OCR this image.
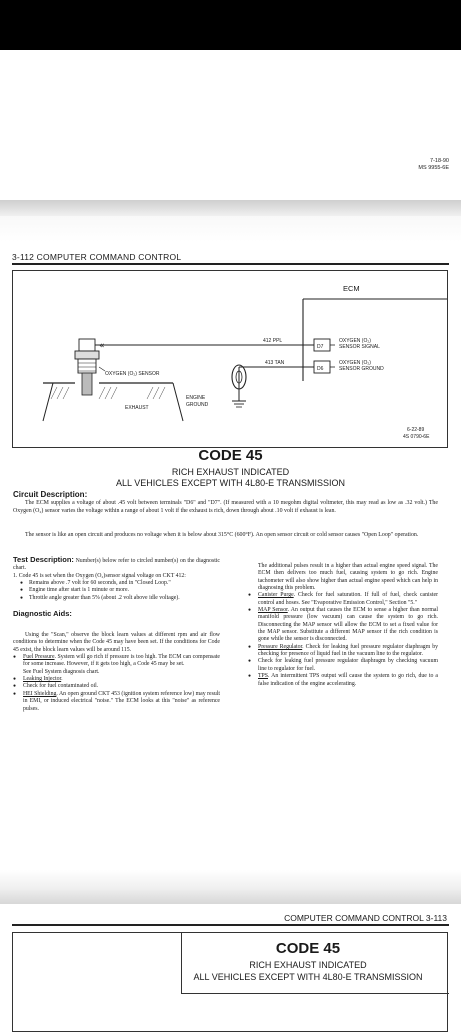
7-18-90
MS 9955-6E
3-112 COMPUTER COMMAND CONTROL
ECM
D7
D6
OXYGEN (O₂)
SENSOR SIGNAL
OXYGEN (O₂)
SENSOR GROUND
412 PPL
«
413 TAN
ENGINE
GROUND
OXYGEN (O₂) SENSOR
EXHAUST
6-22-89
4S 0790-6E
CODE 45
RICH EXHAUST INDICATED
ALL VEHICLES EXCEPT WITH 4L80-E TRANSMISSION
Circuit Description:

The ECM supplies a voltage of about .45 volt between terminals "D6" and "D7". (If measured with a 10 megohm digital voltmeter, this may read as low as .32 volt.) The Oxygen (O₂) sensor varies the voltage within a range of about 1 volt if the exhaust is rich, down through about .10 volt if exhaust is lean.

The sensor is like an open circuit and produces no voltage when it is below about 315°C (600°F). An open sensor circuit or cold sensor causes "Open Loop" operation.

Test Description: Number(s) below refer to circled number(s) on the diagnostic chart.

1. Code 45 is set when the Oxygen (O₂)sensor signal voltage on CKT 412:

● Remains above .7 volt for 60 seconds, and in "Closed Loop."
● Engine time after start is 1 minute or more.
● Throttle angle greater than 5% (about .2 volt above idle voltage).

Diagnostic Aids:

Using the "Scan," observe the block learn values at different rpm and air flow conditions to determine when the Code 45 may have been set. If the conditions for Code 45 exist, the block learn values will be around 115.

● Fuel Pressure. System will go rich if pressure is too high. The ECM can compensate for some increase. However, if it gets too high, a Code 45 may be set.

See Fuel System diagnosis chart.

● Leaking Injector.
● Check for fuel contaminated oil.
● HEI Shielding. An open ground CKT 453 (ignition system reference low) may result in EMI, or induced electrical "noise." The ECM looks at this "noise" as reference pulses.

The additional pulses result in a higher than actual engine speed signal. The ECM then delivers too much fuel, causing system to go rich. Engine tachometer will also show higher than actual engine speed which can help in diagnosing this problem.

● Canister Purge. Check for fuel saturation. If full of fuel, check canister control and hoses. See "Evaporative Emission Control," Section "5."
● MAP Sensor. An output that causes the ECM to sense a higher than normal manifold pressure (low vacuum) can cause the system to go rich. Disconnecting the MAP sensor will allow the ECM to set a fixed value for the MAP sensor. Substitute a different MAP sensor if the rich condition is gone while the sensor is disconnected.
● Pressure Regulator. Check for leaking fuel pressure regulator diaphragm by checking for presence of liquid fuel in the vacuum line to the regulator.
● Check for leaking fuel pressure regulator diaphragm by checking vacuum line to regulator for fuel.
● TPS. An intermittent TPS output will cause the system to go rich, due to a false indication of the engine accelerating.
COMPUTER COMMAND CONTROL 3-113
CODE 45
RICH EXHAUST INDICATED
ALL VEHICLES EXCEPT WITH 4L80-E TRANSMISSION
